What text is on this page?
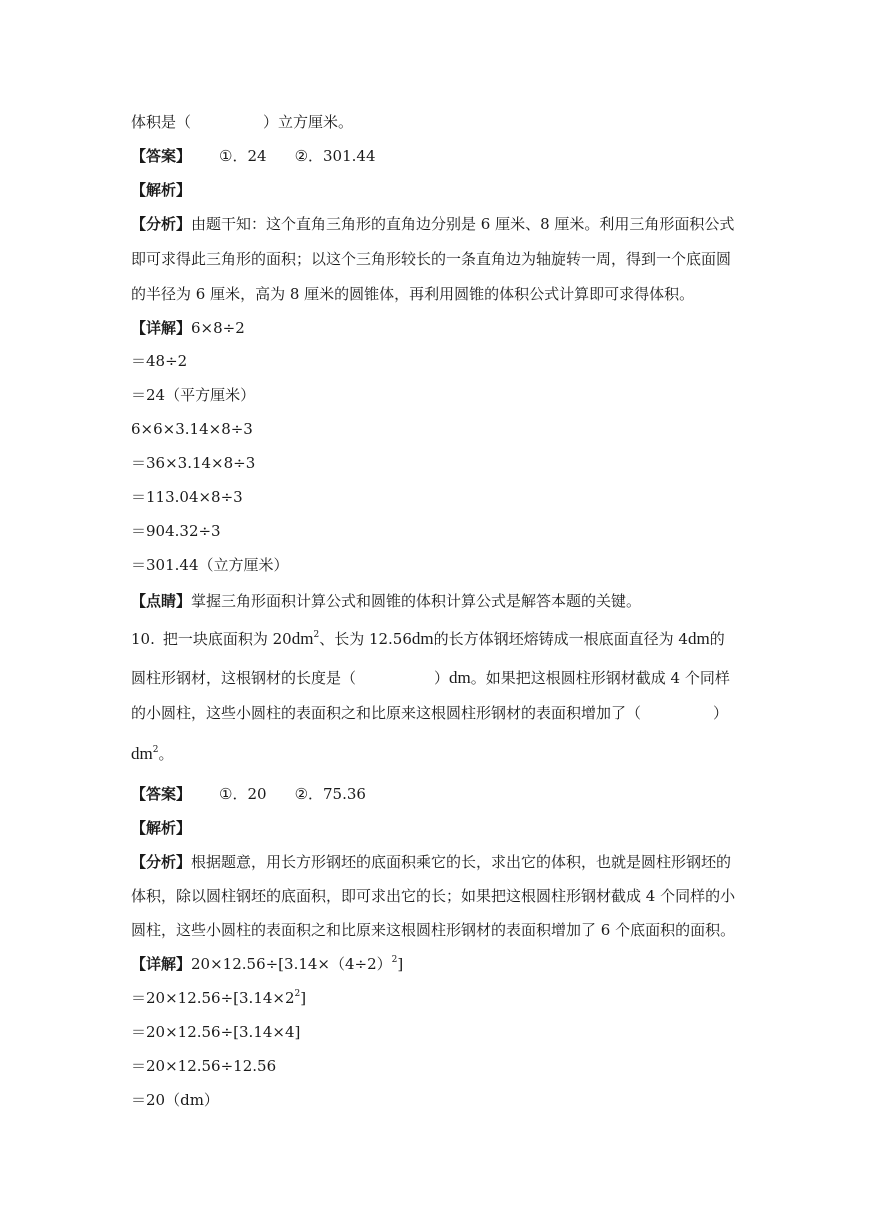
体积是（	）立方厘米。
【答案】 ①．24 ②．301.44
【解析】
【分析】由题干知：这个直角三角形的直角边分别是 6 厘米、8 厘米。利用三角形面积公式
即可求得此三角形的面积；以这个三角形较长的一条直角边为轴旋转一周，得到一个底面圆
的半径为 6 厘米，高为 8 厘米的圆锥体，再利用圆锥的体积公式计算即可求得体积。
【详解】6×8÷2
＝48÷2
＝24（平方厘米）
6×6×3.14×8÷3
＝36×3.14×8÷3
＝113.04×8÷3
＝904.32÷3
＝301.44（立方厘米）
【点睛】掌握三角形面积计算公式和圆锥的体积计算公式是解答本题的关键。
10. 把一块底面积为 $20dm^2$、长为 12.56dm的长方体钢坯熔铸成一根底面直径为 4dm的
圆柱形钢材，这根钢材的长度是（	）dm。如果把这根圆柱形钢材截成 4 个同样
的小圆柱，这些小圆柱的表面积之和比原来这根圆柱形钢材的表面积增加了（	）
$dm^2$。
【答案】 ①．20 ②．75.36
【解析】
【分析】根据题意，用长方形钢坯的底面积乘它的长，求出它的体积，也就是圆柱形钢坯的
体积，除以圆柱钢坯的底面积，即可求出它的长；如果把这根圆柱形钢材截成 4 个同样的小
圆柱，这些小圆柱的表面积之和比原来这根圆柱形钢材的表面积增加了 6 个底面积的面积。
【详解】$20\times 12.56\div[3.14\times(4\div 2)^2]$
$=20\times 12.56\div[3.14\times 2^2]$
＝20×12.56÷[3.14×4]
＝20×12.56÷12.56
＝20（dm）
